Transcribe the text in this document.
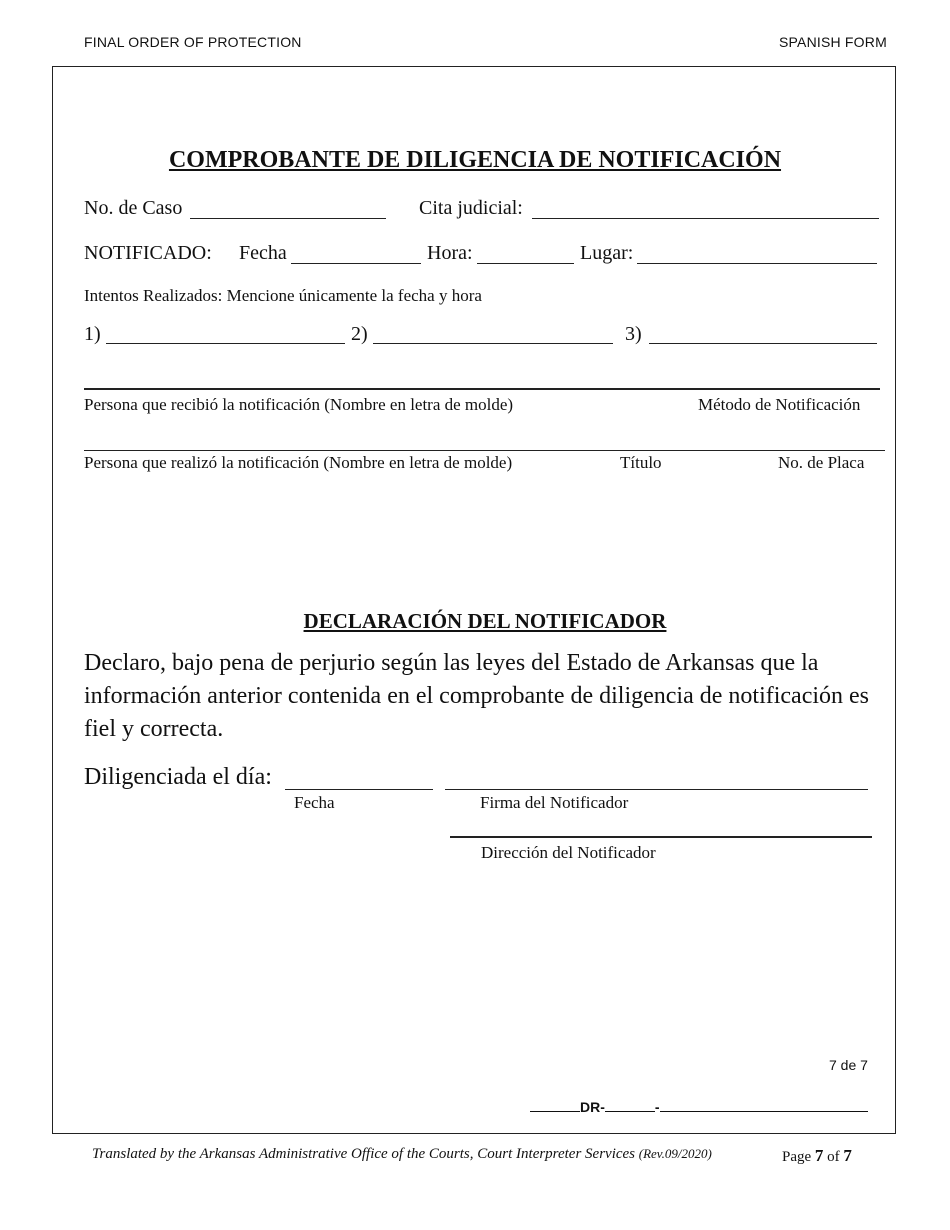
FINAL ORDER OF PROTECTION	SPANISH FORM
COMPROBANTE DE DILIGENCIA DE NOTIFICACIÓN
No. de Caso	Cita judicial:
NOTIFICADO: Fecha	Hora:	Lugar:
Intentos Realizados: Mencione únicamente la fecha y hora
1)	2)	3)
Persona que recibió la notificación (Nombre en letra de molde)	Método de Notificación
Persona que realizó la notificación (Nombre en letra de molde)	Título	No. de Placa
DECLARACIÓN DEL NOTIFICADOR
Declaro, bajo pena de perjurio según las leyes del Estado de Arkansas que la información anterior contenida en el comprobante de diligencia de notificación es fiel y correcta.
Diligenciada el día:
Fecha	Firma del Notificador
Dirección del Notificador
7 de 7
DR-	-
Translated by the Arkansas Administrative Office of the Courts, Court Interpreter Services (Rev.09/2020)	Page 7 of 7
